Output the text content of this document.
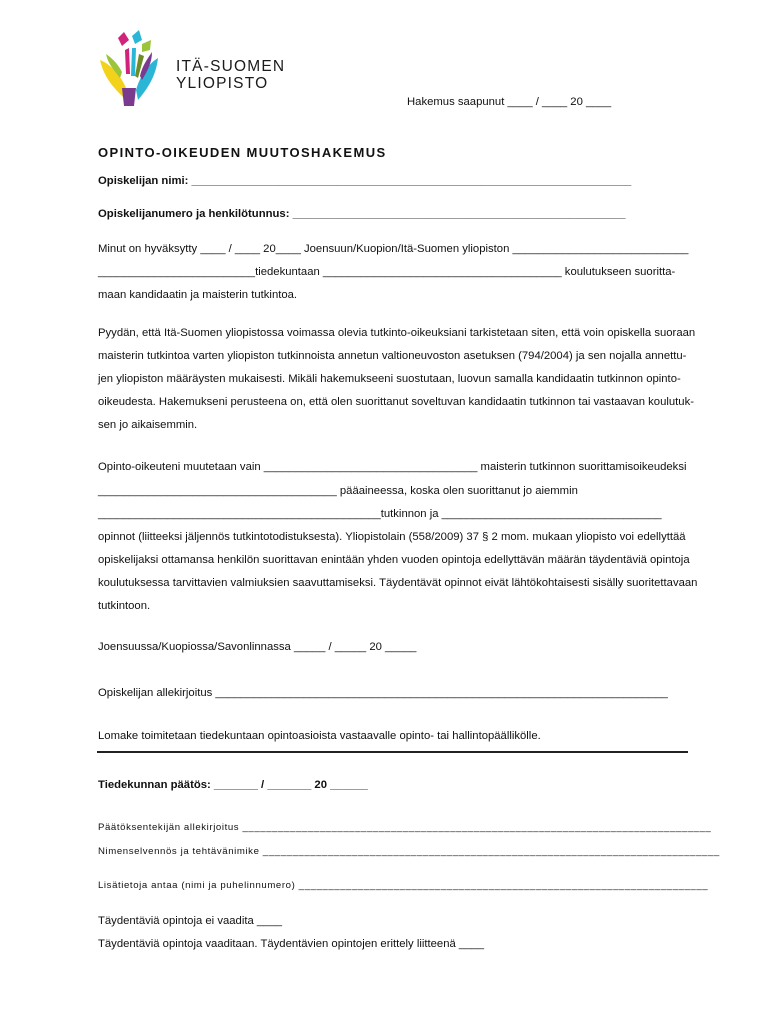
ITÄ-SUOMEN
YLIOPISTO
Hakemus saapunut ____ / ____ 20 ____
OPINTO-OIKEUDEN MUUTOSHAKEMUS
Opiskelijan nimi: ______________________________________________________________________
Opiskelijanumero ja henkilötunnus: _____________________________________________________
Minut on hyväksytty ____ / ____ 20____ Joensuun/Kuopion/Itä-Suomen yliopiston ____________________________
_________________________tiedekuntaan ______________________________________ koulutukseen suoritta-
maan kandidaatin ja maisterin tutkintoa.
Pyydän, että Itä-Suomen yliopistossa voimassa olevia tutkinto-oikeuksiani tarkistetaan siten, että voin opiskella suoraan
maisterin tutkintoa varten yliopiston tutkinnoista annetun valtioneuvoston asetuksen (794/2004) ja sen nojalla annettu-
jen yliopiston määräysten mukaisesti. Mikäli hakemukseeni suostutaan, luovun samalla kandidaatin tutkinnon opinto-
oikeudesta. Hakemukseni perusteena on, että olen suorittanut soveltuvan kandidaatin tutkinnon tai vastaavan koulutuk-
sen jo aikaisemmin.
Opinto-oikeuteni muutetaan vain __________________________________ maisterin tutkinnon suorittamisoikeudeksi
______________________________________ pääaineessa, koska olen suorittanut jo aiemmin
_____________________________________________tutkinnon ja ___________________________________
opinnot (liitteeksi jäljennös tutkintotodistuksesta). Yliopistolain (558/2009) 37 § 2 mom. mukaan yliopisto voi edellyttää
opiskelijaksi ottamansa henkilön suorittavan enintään yhden vuoden opintoja edellyttävän määrän täydentäviä opintoja
koulutuksessa tarvittavien valmiuksien saavuttamiseksi. Täydentävät opinnot eivät lähtökohtaisesti sisälly suoritettavaan
tutkintoon.
Joensuussa/Kuopiossa/Savonlinnassa _____ / _____ 20 _____
Opiskelijan allekirjoitus ________________________________________________________________________
Lomake toimitetaan tiedekuntaan opintoasioista vastaavalle opinto- tai hallintopäällikölle.
Tiedekunnan päätös: _______ / _______ 20 ______
Päätöksentekijän allekirjoitus _______________________________________________________________________________
Nimenselvennös ja tehtävänimike _____________________________________________________________________________
Lisätietoja antaa (nimi ja puhelinnumero) _____________________________________________________________________
Täydentäviä opintoja ei vaadita ____
Täydentäviä opintoja vaaditaan. Täydentävien opintojen erittely liitteenä ____
